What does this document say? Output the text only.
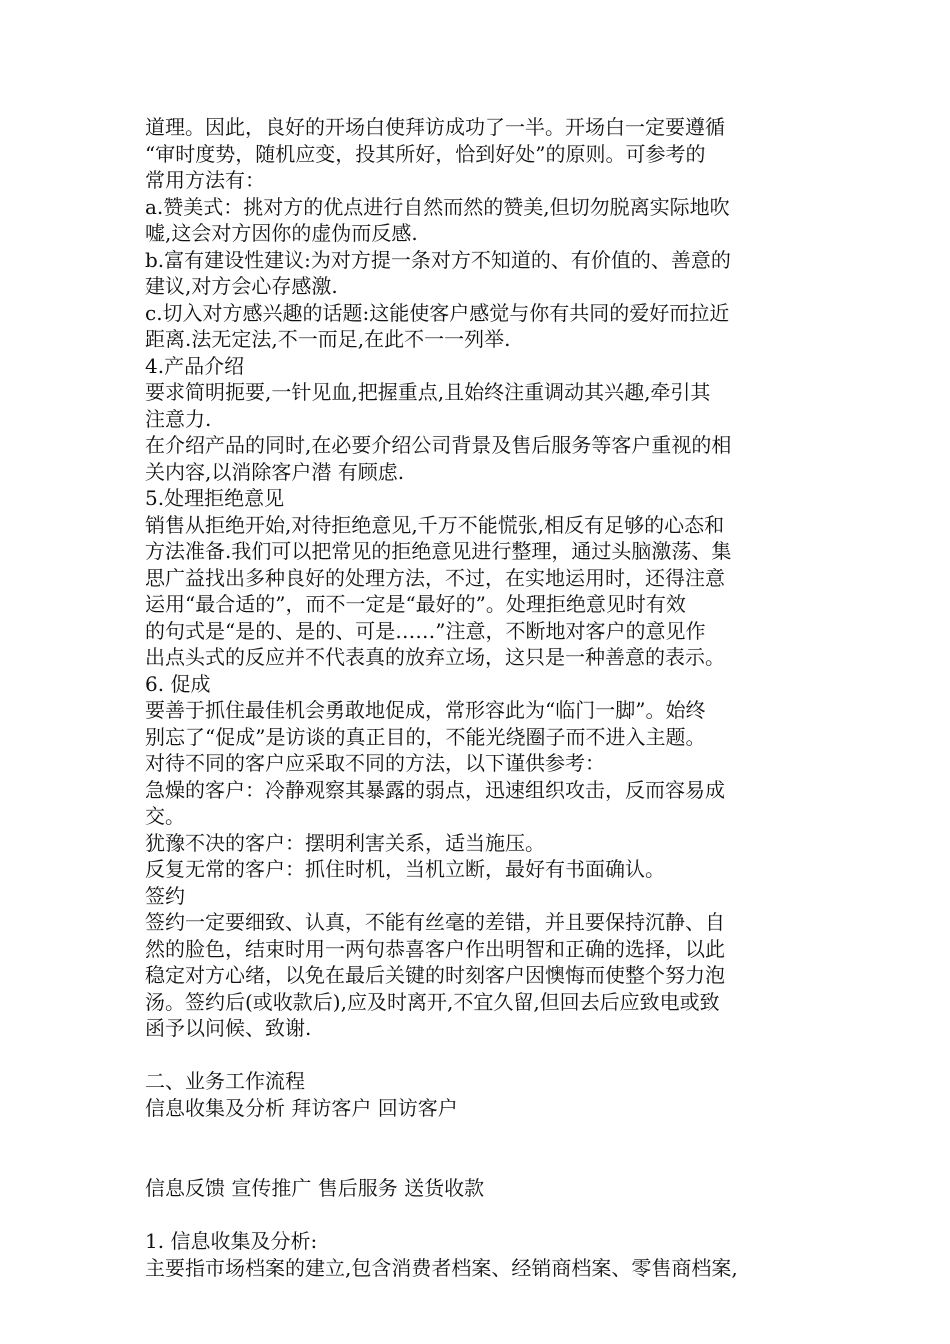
道理。因此，良好的开场白使拜访成功了一半。开场白一定要遵循
“审时度势，随机应变，投其所好，恰到好处”的原则。可参考的
常用方法有：
a.赞美式：挑对方的优点进行自然而然的赞美,但切勿脱离实际地吹
嘘,这会对方因你的虚伪而反感.
b.富有建设性建议:为对方提一条对方不知道的、有价值的、善意的
建议,对方会心存感激.
c.切入对方感兴趣的话题:这能使客户感觉与你有共同的爱好而拉近
距离.法无定法,不一而足,在此不一一列举.
4.产品介绍
要求简明扼要,一针见血,把握重点,且始终注重调动其兴趣,牵引其
注意力.
在介绍产品的同时,在必要介绍公司背景及售后服务等客户重视的相
关内容,以消除客户潜 有顾虑.
5.处理拒绝意见
销售从拒绝开始,对待拒绝意见,千万不能慌张,相反有足够的心态和
方法准备.我们可以把常见的拒绝意见进行整理，通过头脑激荡、集
思广益找出多种良好的处理方法，不过，在实地运用时，还得注意
运用“最合适的”，而不一定是“最好的”。处理拒绝意见时有效
的句式是“是的、是的、可是……”注意，不断地对客户的意见作
出点头式的反应并不代表真的放弃立场，这只是一种善意的表示。
6. 促成
要善于抓住最佳机会勇敢地促成，常形容此为“临门一脚”。始终
别忘了“促成”是访谈的真正目的，不能光绕圈子而不进入主题。
对待不同的客户应采取不同的方法，以下谨供参考：
急燥的客户：冷静观察其暴露的弱点，迅速组织攻击，反而容易成
交。
犹豫不决的客户：摆明利害关系，适当施压。
反复无常的客户：抓住时机，当机立断，最好有书面确认。
签约
签约一定要细致、认真，不能有丝毫的差错，并且要保持沉静、自
然的脸色，结束时用一两句恭喜客户作出明智和正确的选择，以此
稳定对方心绪，以免在最后关键的时刻客户因懊悔而使整个努力泡
汤。签约后(或收款后),应及时离开,不宜久留,但回去后应致电或致
函予以问候、致谢.
二、业务工作流程
信息收集及分析 拜访客户 回访客户
信息反馈 宣传推广 售后服务 送货收款
1. 信息收集及分析:
主要指市场档案的建立,包含消费者档案、经销商档案、零售商档案,
